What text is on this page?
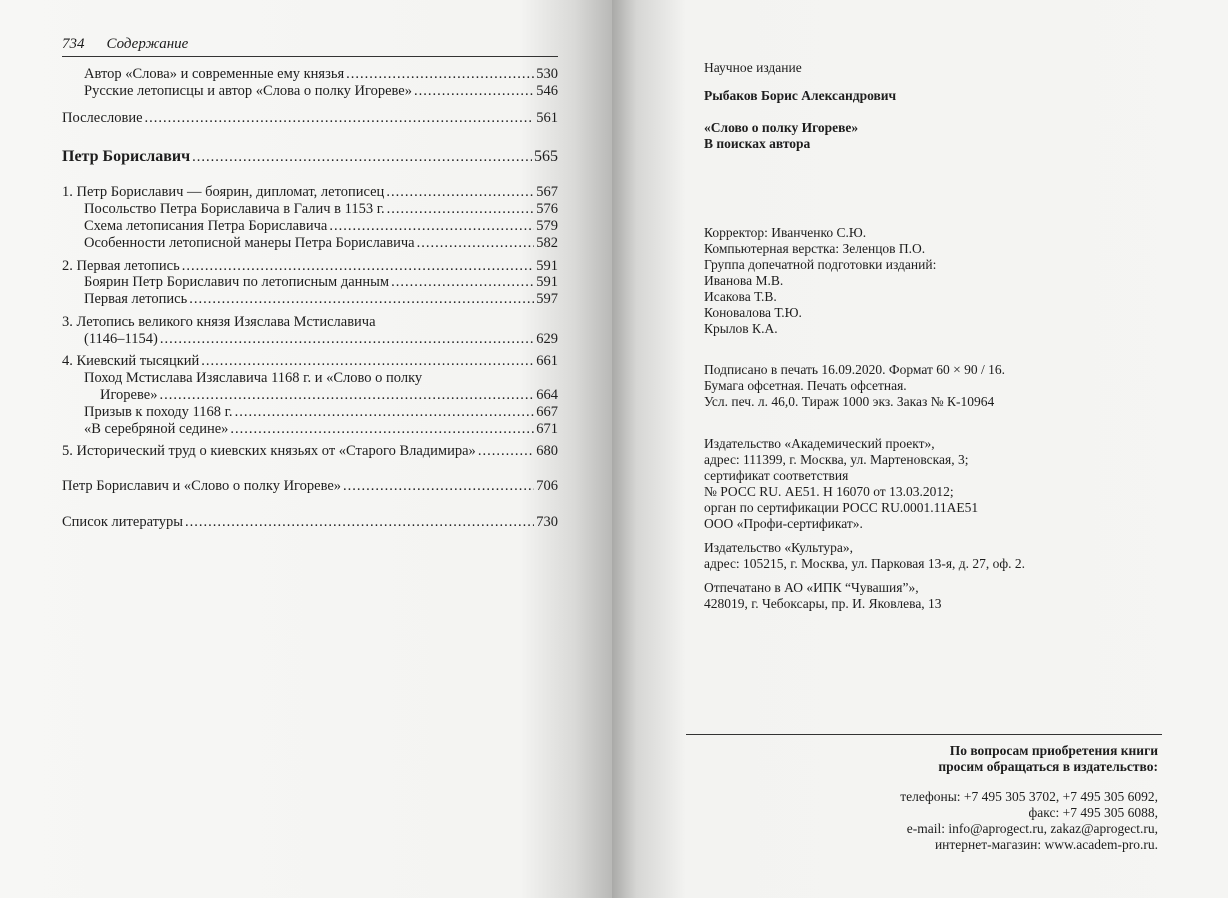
734 Содержание
Автор «Слова» и современные ему князья .....	530
Русские летописцы и автор «Слова о полку Игореве» .....	546
Послесловие .....	561
Петр Бориславич .....	565
1. Петр Бориславич — боярин, дипломат, летописец .....	567
Посольство Петра Бориславича в Галич в 1153 г. .....	576
Схема летописания Петра Бориславича .....	579
Особенности летописной манеры Петра Бориславича .....	582
2. Первая летопись .....	591
Боярин Петр Бориславич по летописным данным .....	591
Первая летопись .....	597
3. Летопись великого князя Изяслава Мстиславича
(1146–1154) .....	629
4. Киевский тысяцкий .....	661
Поход Мстислава Изяславича 1168 г. и «Слово о полку
Игореве» .....	664
Призыв к походу 1168 г. .....	667
«В серебряной седине» .....	671
5. Исторический труд о киевских князьях от «Старого Владимира» .....	680
Петр Бориславич и «Слово о полку Игореве» .....	706
Список литературы .....	730
Научное издание
Рыбаков Борис Александрович
«Слово о полку Игореве»
В поисках автора
Корректор: Иванченко С.Ю.
Компьютерная верстка: Зеленцов П.О.
Группа допечатной подготовки изданий:
Иванова М.В.
Исакова Т.В.
Коновалова Т.Ю.
Крылов К.А.
Подписано в печать 16.09.2020. Формат 60 × 90 / 16.
Бумага офсетная. Печать офсетная.
Усл. печ. л. 46,0. Тираж 1000 экз. Заказ № К-10964
Издательство «Академический проект»,
адрес: 111399, г. Москва, ул. Мартеновская, 3;
сертификат соответствия
№ РОСС RU. АЕ51. Н 16070 от 13.03.2012;
орган по сертификации РОСС RU.0001.11AE51
ООО «Профи-сертификат».
Издательство «Культура»,
адрес: 105215, г. Москва, ул. Парковая 13-я, д. 27, оф. 2.
Отпечатано в АО «ИПК “Чувашия”»,
428019, г. Чебоксары, пр. И. Яковлева, 13
По вопросам приобретения книги
просим обращаться в издательство:
телефоны: +7 495 305 3702, +7 495 305 6092,
факс: +7 495 305 6088,
e-mail: info@aprogect.ru, zakaz@aprogect.ru,
интернет-магазин: www.academ-pro.ru.
